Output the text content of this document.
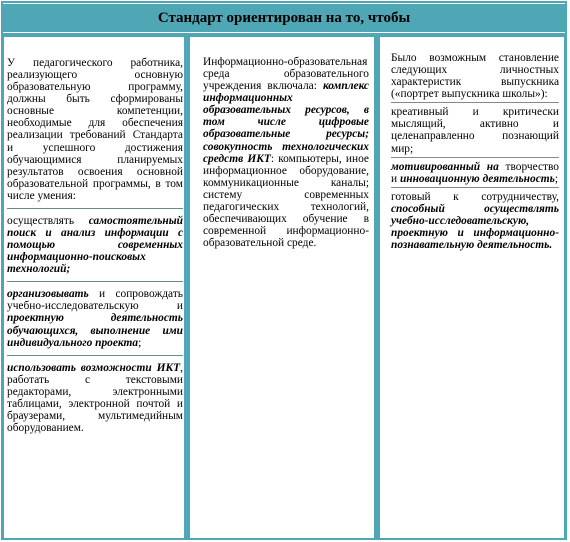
Стандарт ориентирован на то, чтобы

У педагогического работника, реализующего основную образовательную программу, должны быть сформированы основные компетенции, необходимые для обеспечения реализации требований Стандарта и успешного достижения обучающимися планируемых результатов освоения основной образовательной программы, в том числе умения:

осуществлять самостоятельный поиск и анализ информации с помощью современных информационно-поисковых технологий;

организовывать и сопровождать учебно-исследовательскую и проектную деятельность обучающихся, выполнение ими индивидуального проекта;

использовать возможности ИКТ, работать с текстовыми редакторами, электронными таблицами, электронной почтой и браузерами, мультимедийным оборудованием.

Информационно-образовательная среда образовательного учреждения включала: комплекс информационных образовательных ресурсов, в том числе цифровые образовательные ресурсы; совокупность технологических средств ИКТ: компьютеры, иное информационное оборудование, коммуникационные каналы; систему современных педагогических технологий, обеспечивающих обучение в современной информационно-образовательной среде.

Было возможным становление следующих личностных характеристик выпускника («портрет выпускника школы»):

креативный и критически мыслящий, активно и целенаправленно познающий мир;

мотивированный на творчество и инновационную деятельность;

готовый к сотрудничеству, способный осуществлять учебно-исследовательскую, проектную и информационно-познавательную деятельность.
